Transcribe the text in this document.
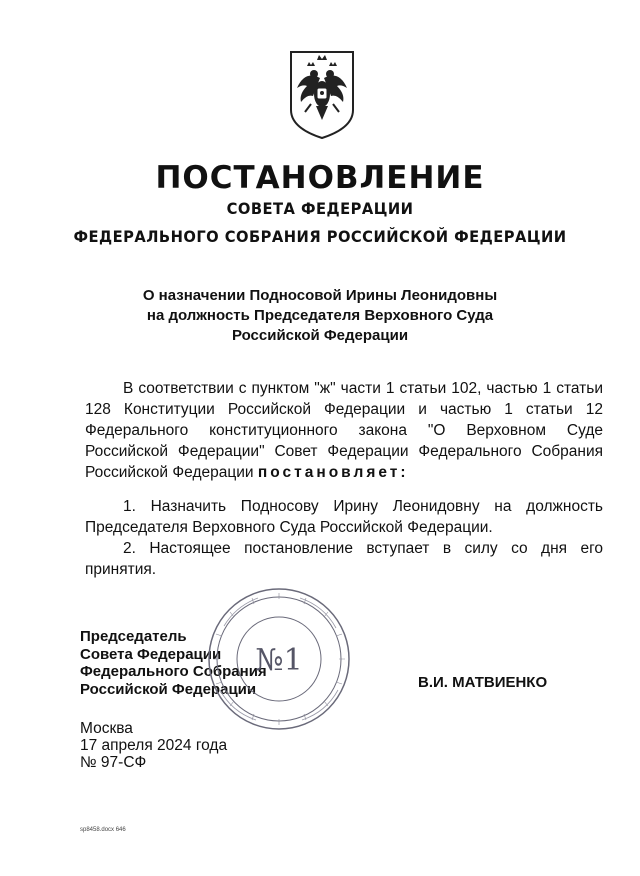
ПОСТАНОВЛЕНИЕ
СОВЕТА ФЕДЕРАЦИИ
ФЕДЕРАЛЬНОГО СОБРАНИЯ РОССИЙСКОЙ ФЕДЕРАЦИИ
О назначении Подносовой Ирины Леонидовны
на должность Председателя Верховного Суда
Российской Федерации
В соответствии с пунктом "ж" части 1 статьи 102, частью 1 статьи 128 Конституции Российской Федерации и частью 1 статьи 12 Федерального конституционного закона "О Верховном Суде Российской Федерации" Совет Федерации Федерального Собрания Российской Федерации постановляет:
1. Назначить Подносову Ирину Леонидовну на должность Председателя Верховного Суда Российской Федерации.
2. Настоящее постановление вступает в силу со дня его принятия.
Председатель
Совета Федерации
Федерального Собрания
Российской Федерации	В.И. МАТВИЕНКО
№1
Москва
17 апреля 2024 года
№ 97-СФ
sp8458.docx 646
